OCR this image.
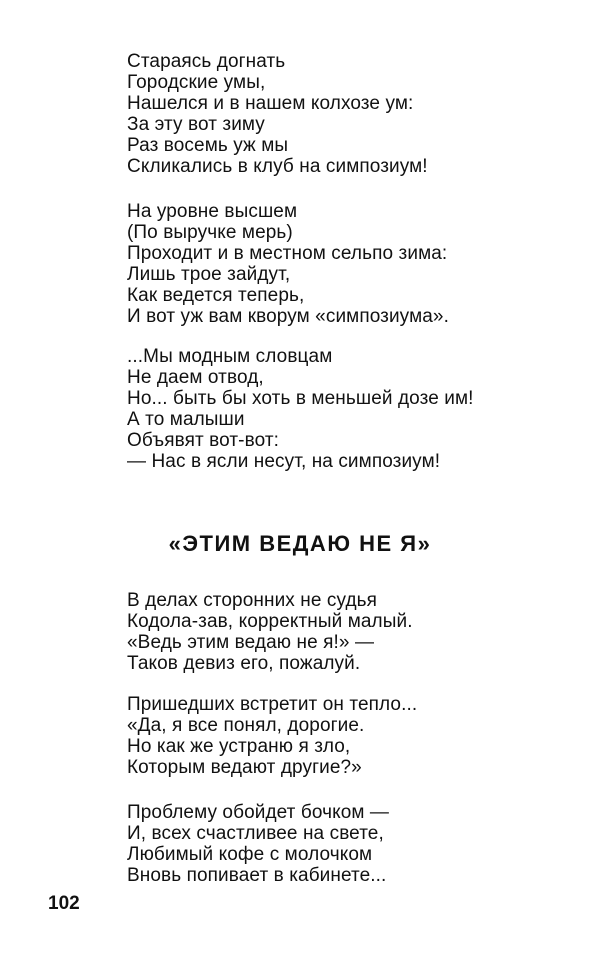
Стараясь догнать
Городские умы,
Нашелся и в нашем колхозе ум:
За эту вот зиму
Раз восемь уж мы
Скликались в клуб на симпозиум!
На уровне высшем
(По выручке мерь)
Проходит и в местном сельпо зима:
Лишь трое зайдут,
Как ведется теперь,
И вот уж вам кворум «симпозиума».
...Мы модным словцам
Не даем отвод,
Но... быть бы хоть в меньшей дозе им!
А то малыши
Объявят вот-вот:
— Нас в ясли несут, на симпозиум!
«ЭТИМ ВЕДАЮ НЕ Я»
В делах сторонних не судья
Кодола-зав, корректный малый.
«Ведь этим ведаю не я!» —
Таков девиз его, пожалуй.
Пришедших встретит он тепло...
«Да, я все понял, дорогие.
Но как же устраню я зло,
Которым ведают другие?»
Проблему обойдет бочком —
И, всех счастливее на свете,
Любимый кофе с молочком
Вновь попивает в кабинете...
102
